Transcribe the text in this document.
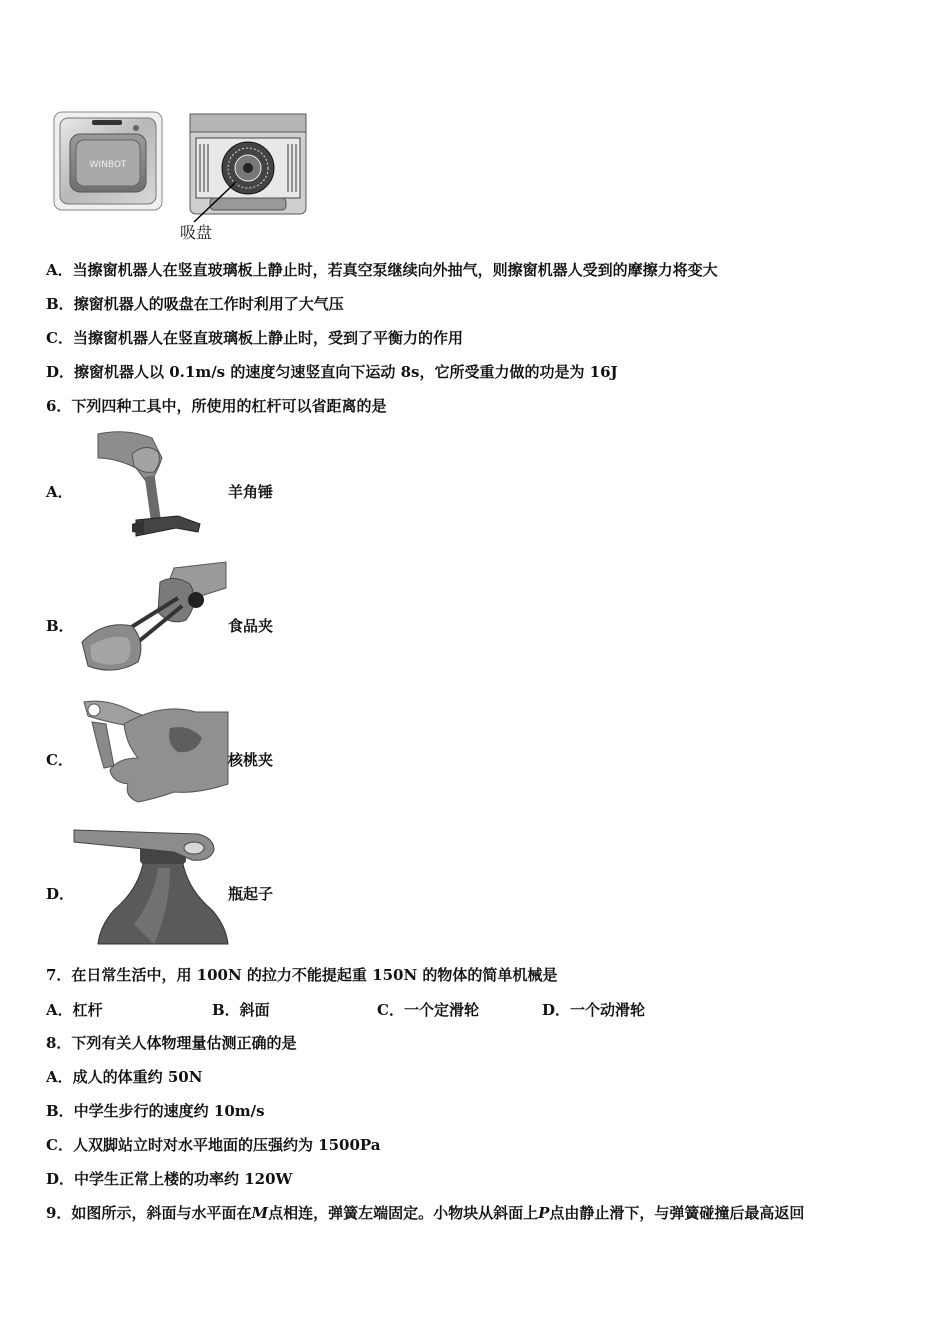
WINBOT
吸盘
A．当擦窗机器人在竖直玻璃板上静止时，若真空泵继续向外抽气，则擦窗机器人受到的摩擦力将变大
B．擦窗机器人的吸盘在工作时利用了大气压
C．当擦窗机器人在竖直玻璃板上静止时，受到了平衡力的作用
D．擦窗机器人以 0.1m/s 的速度匀速竖直向下运动 8s，它所受重力做的功是为 16J
6．下列四种工具中，所使用的杠杆可以省距离的是
A．	羊角锤
B．	食品夹
C．	核桃夹
D．	瓶起子
7．在日常生活中，用 100N 的拉力不能提起重 150N 的物体的简单机械是
A．杠杆	B．斜面	C．一个定滑轮	D．一个动滑轮
8．下列有关人体物理量估测正确的是
A．成人的体重约 50N
B．中学生步行的速度约 10m/s
C．人双脚站立时对水平地面的压强约为 1500Pa
D．中学生正常上楼的功率约 120W
9．如图所示，斜面与水平面在M点相连，弹簧左端固定。小物块从斜面上P点由静止滑下，与弹簧碰撞后最高返回
